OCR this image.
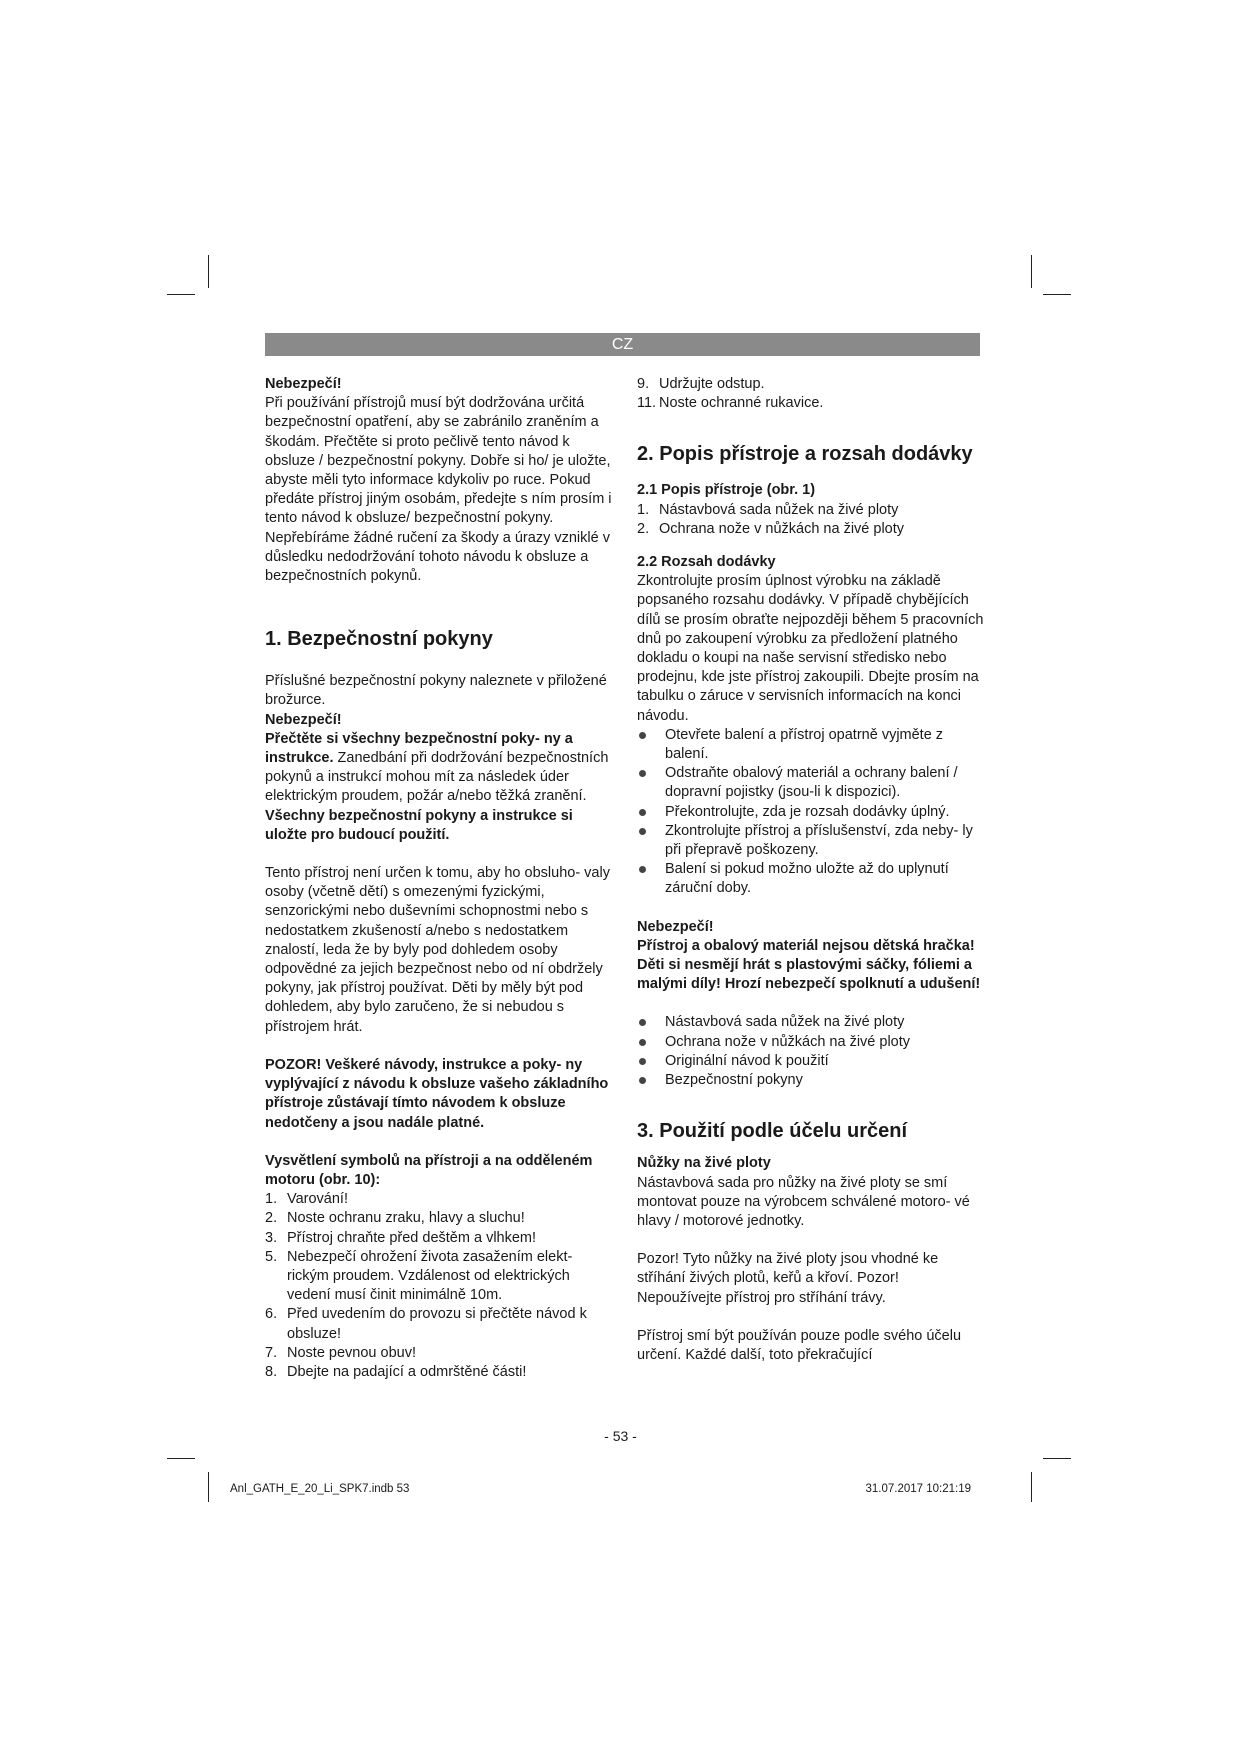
CZ
Nebezpečí!

Při používání přístrojů musí být dodržována určitá bezpečnostní opatření, aby se zabránilo zraněním a škodám. Přečtěte si proto pečlivě tento návod k obsluze / bezpečnostní pokyny. Dobře si ho/ je uložte, abyste měli tyto informace kdykoliv po ruce. Pokud předáte přístroj jiným osobám, předejte s ním prosím i tento návod k obsluze/ bezpečnostní pokyny. Nepřebíráme žádné ručení za škody a úrazy vzniklé v důsledku nedodržování tohoto návodu k obsluze a bezpečnostních pokynů.

1. Bezpečnostní pokyny
Příslušné bezpečnostní pokyny naleznete v přiložené brožurce.
Nebezpečí!

Přečtěte si všechny bezpečnostní poky- ny a instrukce. Zanedbání při dodržování bezpečnostních pokynů a instrukcí mohou mít za následek úder elektrickým proudem, požár a/nebo těžká zranění. Všechny bezpečnostní pokyny a instrukce si uložte pro budoucí použití.

Tento přístroj není určen k tomu, aby ho obsluho- valy osoby (včetně dětí) s omezenými fyzickými, senzorickými nebo duševními schopnostmi nebo s nedostatkem zkušeností a/nebo s nedostatkem znalostí, leda že by byly pod dohledem osoby odpovědné za jejich bezpečnost nebo od ní obdržely pokyny, jak přístroj používat. Děti by měly být pod dohledem, aby bylo zaručeno, že si nebudou s přístrojem hrát.

POZOR! Veškeré návody, instrukce a poky- ny vyplývající z návodu k obsluze vašeho základního přístroje zůstávají tímto návodem k obsluze nedotčeny a jsou nadále platné.

Vysvětlení symbolů na přístroji a na odděleném motoru (obr. 10):
1. Varování!
2. Noste ochranu zraku, hlavy a sluchu!
3. Přístroj chraňte před deštěm a vlhkem!
5. Nebezpečí ohrožení života zasažením elekt- rickým proudem. Vzdálenost od elektrických vedení musí činit minimálně 10m.
6. Před uvedením do provozu si přečtěte návod k obsluze!
7. Noste pevnou obuv!
8. Dbejte na padající a odmrštěné části!
9. Udržujte odstup.
11. Noste ochranné rukavice.
2. Popis přístroje a rozsah dodávky
2.1 Popis přístroje (obr. 1)
1. Nástavbová sada nůžek na živé ploty
2. Ochrana nože v nůžkách na živé ploty
2.2 Rozsah dodávky
Zkontrolujte prosím úplnost výrobku na základě popsaného rozsahu dodávky. V případě chybějících dílů se prosím obraťte nejpozději během 5 pracovních dnů po zakoupení výrobku za předložení platného dokladu o koupi na naše servisní středisko nebo prodejnu, kde jste přístroj zakoupili. Dbejte prosím na tabulku o záruce v servisních informacích na konci návodu.
Otevřete balení a přístroj opatrně vyjměte z balení.
Odstraňte obalový materiál a ochrany balení / dopravní pojistky (jsou-li k dispozici).
Překontrolujte, zda je rozsah dodávky úplný.
Zkontrolujte přístroj a příslušenství, zda neby- ly při přepravě poškozeny.
Balení si pokud možno uložte až do uplynutí záruční doby.
Nebezpečí!

Přístroj a obalový materiál nejsou dětská hračka! Děti si nesmějí hrát s plastovými sáčky, fóliemi a malými díly! Hrozí nebezpečí spolknutí a udušení!

Nástavbová sada nůžek na živé ploty
Ochrana nože v nůžkách na živé ploty
Originální návod k použití
Bezpečnostní pokyny
3. Použití podle účelu určení
Nůžky na živé ploty

Nástavbová sada pro nůžky na živé ploty se smí montovat pouze na výrobcem schválené motoro- vé hlavy / motorové jednotky.

Pozor! Tyto nůžky na živé ploty jsou vhodné ke stříhání živých plotů, keřů a křoví. Pozor! Nepoužívejte přístroj pro stříhání trávy.

Přístroj smí být používán pouze podle svého účelu určení. Každé další, toto překračující

- 53 -
Anl_GATH_E_20_Li_SPK7.indb 53	31.07.2017 10:21:19
